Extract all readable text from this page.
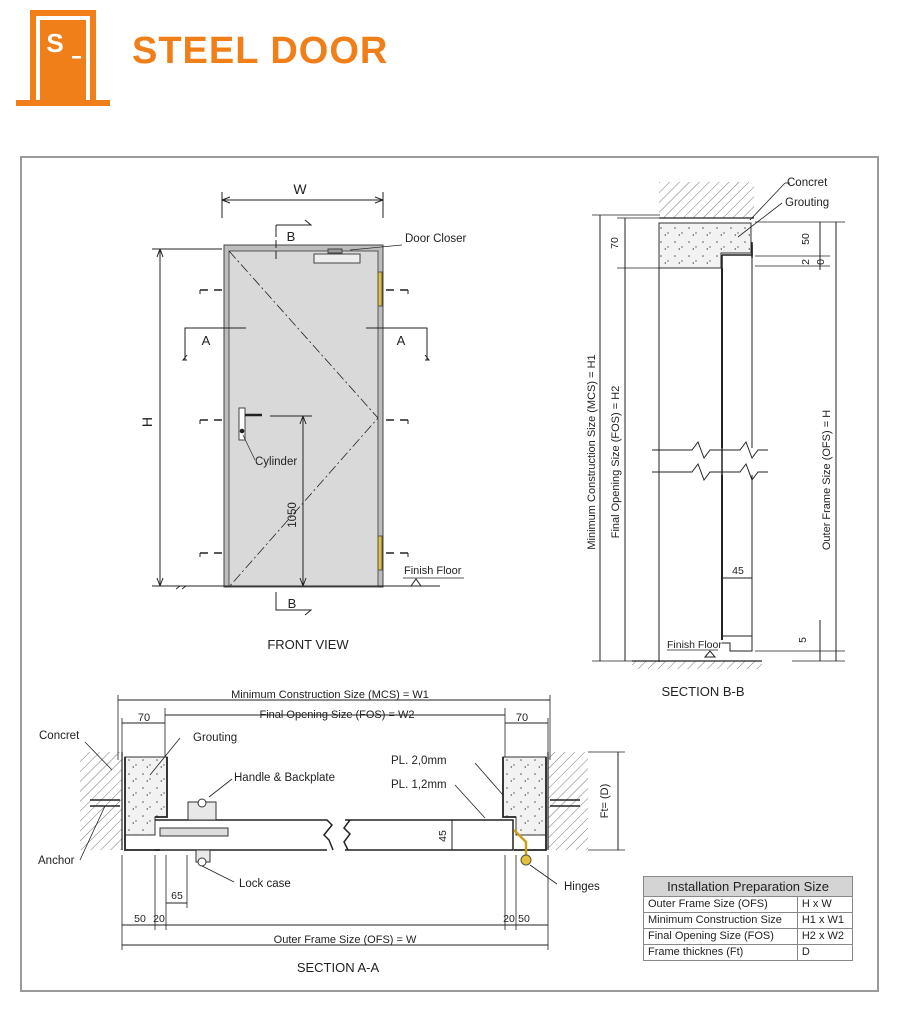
S STEEL DOOR
W
H
B
B
A	A
Door Closer
Cylinder
1050
Finish Floor
FRONT VIEW
Concret
Grouting
70	50
2 0
45
5
Minimum Construction Size (MCS) = H1 Final Opening Size (FOS) = H2	Outer Frame Size (OFS) = H
Finish Floor
SECTION B-B
Minimum Construction Size (MCS) = W1
Final Opening Size (FOS) = W2
70	70
Concret	Grouting
Handle & Backplate
PL. 2,0mm
PL. 1,2mm	Ft= (D)
45
Anchor
Lock case	Hinges
65
50 20	20 50
Outer Frame Size (OFS) = W
SECTION A-A
Installation Preparation Size	
Outer Frame Size (OFS)	H x W
Minimum Construction Size	H1 x W1
Final Opening Size (FOS)	H2 x W2
Frame thicknes (Ft)	D
